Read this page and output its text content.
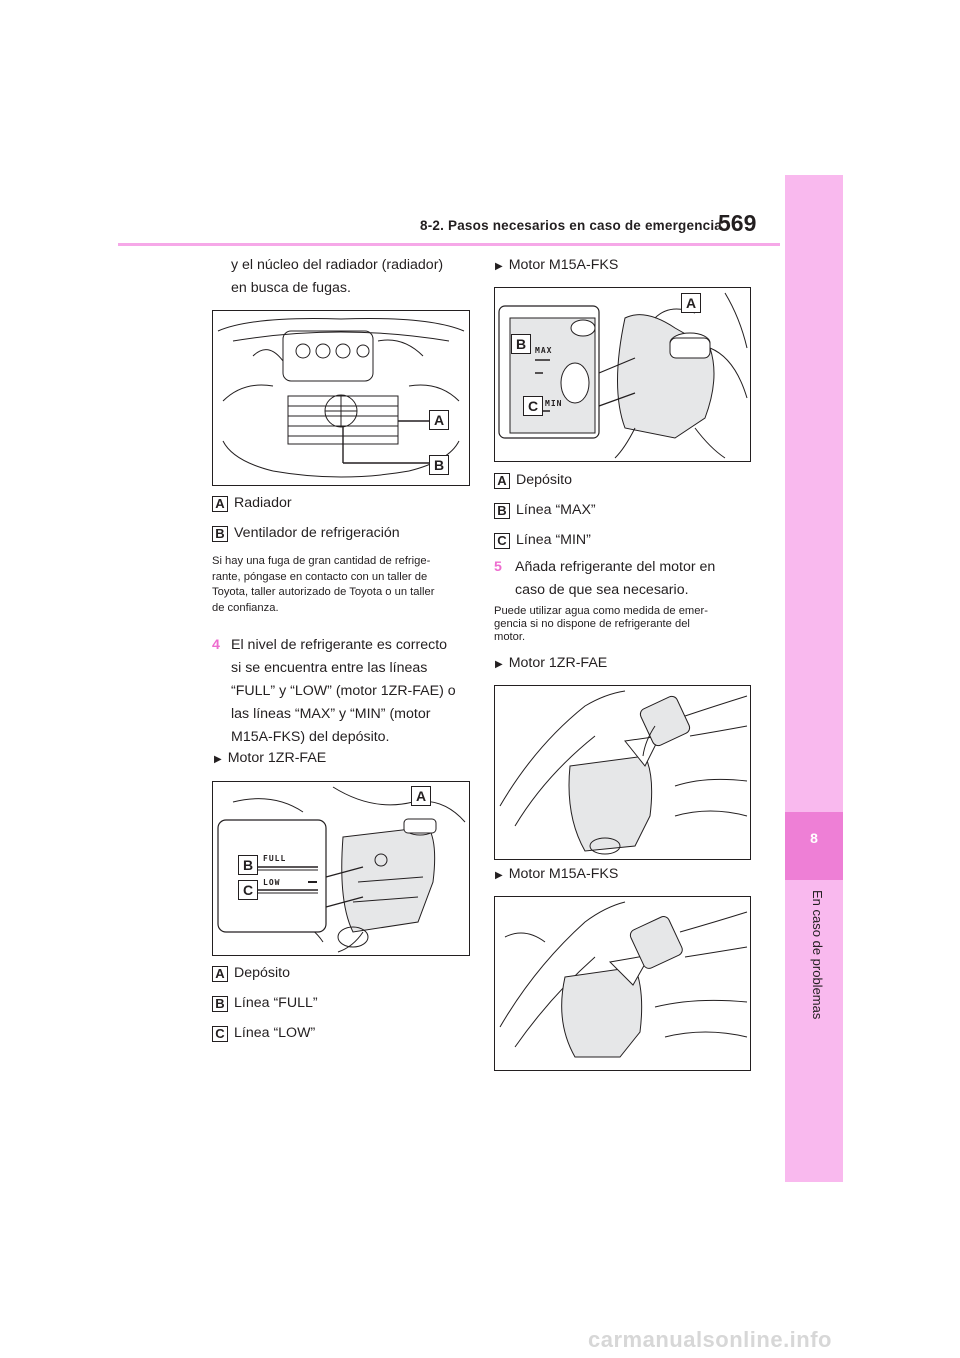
8-2. Pasos necesarios en caso de emergencia
569
8
En caso de problemas
y el núcleo del radiador (radiador)
en busca de fugas.
A
B
A Radiador
B Ventilador de refrigeración
Si hay una fuga de gran cantidad de refrige-
rante, póngase en contacto con un taller de
Toyota, taller autorizado de Toyota o un taller
de confianza.
4 El nivel de refrigerante es correcto
si se encuentra entre las líneas
“FULL” y “LOW” (motor 1ZR-FAE) o
las líneas “MAX” y “MIN” (motor
M15A-FKS) del depósito.
▶ Motor 1ZR-FAE
A
B
C
FULL
LOW
A Depósito
B Línea “FULL”
C Línea “LOW”
▶ Motor M15A-FKS
A
B
C
MAX
MIN
A Depósito
B Línea “MAX”
C Línea “MIN”
5 Añada refrigerante del motor en
caso de que sea necesario.
Puede utilizar agua como medida de emer-
gencia si no dispone de refrigerante del
motor.
▶ Motor 1ZR-FAE
▶ Motor M15A-FKS
carmanualsonline.info
